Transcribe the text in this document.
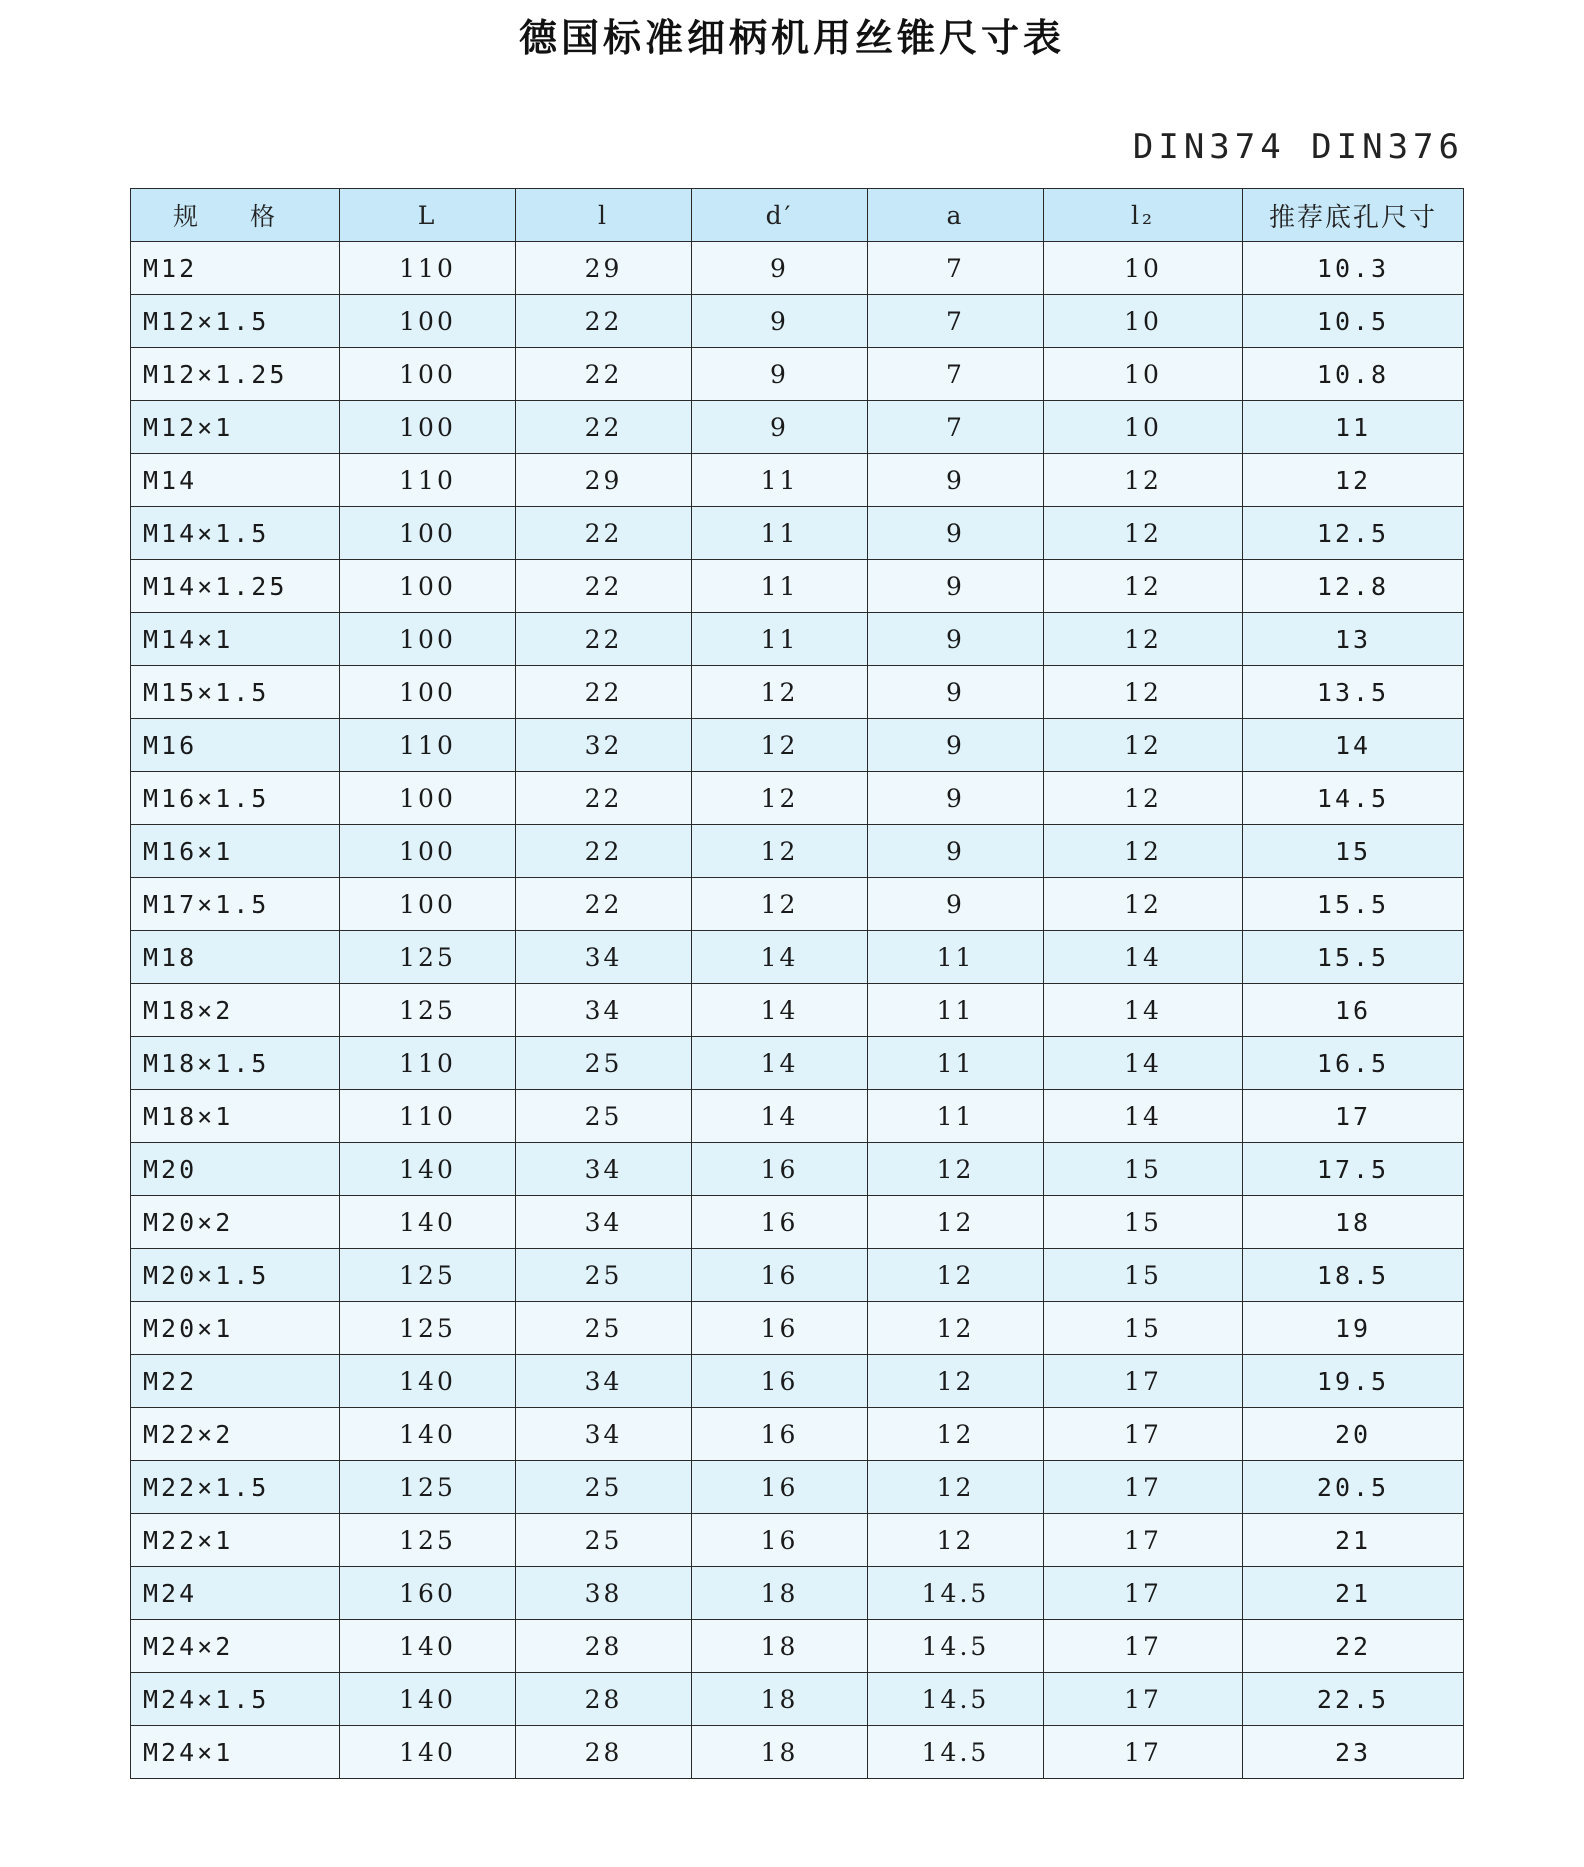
德国标准细柄机用丝锥尺寸表
DIN374 DIN376
规 格	L	l	d′	a	l₂	推荐底孔尺寸
M12	110	29	9	7	10	10.3
M12×1.5	100	22	9	7	10	10.5
M12×1.25	100	22	9	7	10	10.8
M12×1	100	22	9	7	10	11
M14	110	29	11	9	12	12
M14×1.5	100	22	11	9	12	12.5
M14×1.25	100	22	11	9	12	12.8
M14×1	100	22	11	9	12	13
M15×1.5	100	22	12	9	12	13.5
M16	110	32	12	9	12	14
M16×1.5	100	22	12	9	12	14.5
M16×1	100	22	12	9	12	15
M17×1.5	100	22	12	9	12	15.5
M18	125	34	14	11	14	15.5
M18×2	125	34	14	11	14	16
M18×1.5	110	25	14	11	14	16.5
M18×1	110	25	14	11	14	17
M20	140	34	16	12	15	17.5
M20×2	140	34	16	12	15	18
M20×1.5	125	25	16	12	15	18.5
M20×1	125	25	16	12	15	19
M22	140	34	16	12	17	19.5
M22×2	140	34	16	12	17	20
M22×1.5	125	25	16	12	17	20.5
M22×1	125	25	16	12	17	21
M24	160	38	18	14.5	17	21
M24×2	140	28	18	14.5	17	22
M24×1.5	140	28	18	14.5	17	22.5
M24×1	140	28	18	14.5	17	23
